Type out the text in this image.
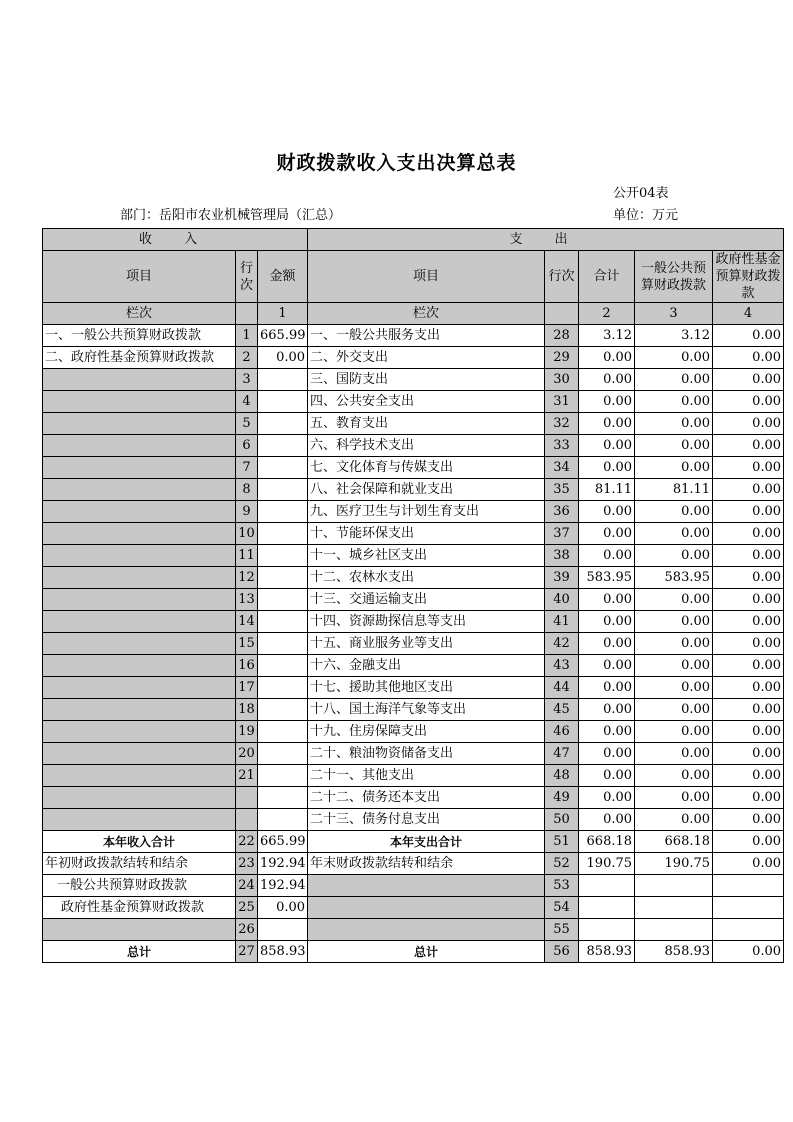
财政拨款收入支出决算总表
公开04表
部门：岳阳市农业机械管理局（汇总）	单位：万元
收 入			支 出				
项目	行次	金额	项目	行次	合计	一般公共预算财政拨款	政府性基金预算财政拨款
栏次		1	栏次		2	3	4
一、一般公共预算财政拨款	1	665.99	一、一般公共服务支出	28	3.12	3.12	0.00
二、政府性基金预算财政拨款	2	0.00	二、外交支出	29	0.00	0.00	0.00
	3		三、国防支出	30	0.00	0.00	0.00
	4		四、公共安全支出	31	0.00	0.00	0.00
	5		五、教育支出	32	0.00	0.00	0.00
	6		六、科学技术支出	33	0.00	0.00	0.00
	7		七、文化体育与传媒支出	34	0.00	0.00	0.00
	8		八、社会保障和就业支出	35	81.11	81.11	0.00
	9		九、医疗卫生与计划生育支出	36	0.00	0.00	0.00
	10		十、节能环保支出	37	0.00	0.00	0.00
	11		十一、城乡社区支出	38	0.00	0.00	0.00
	12		十二、农林水支出	39	583.95	583.95	0.00
	13		十三、交通运输支出	40	0.00	0.00	0.00
	14		十四、资源勘探信息等支出	41	0.00	0.00	0.00
	15		十五、商业服务业等支出	42	0.00	0.00	0.00
	16		十六、金融支出	43	0.00	0.00	0.00
	17		十七、援助其他地区支出	44	0.00	0.00	0.00
	18		十八、国土海洋气象等支出	45	0.00	0.00	0.00
	19		十九、住房保障支出	46	0.00	0.00	0.00
	20		二十、粮油物资储备支出	47	0.00	0.00	0.00
	21		二十一、其他支出	48	0.00	0.00	0.00
			二十二、债务还本支出	49	0.00	0.00	0.00
			二十三、债务付息支出	50	0.00	0.00	0.00
本年收入合计	22	665.99	本年支出合计	51	668.18	668.18	0.00
年初财政拨款结转和结余	23	192.94	年末财政拨款结转和结余	52	190.75	190.75	0.00
一般公共预算财政拨款	24	192.94		53			
政府性基金预算财政拨款	25	0.00		54			
	26			55			
总计	27	858.93	总计	56	858.93	858.93	0.00
